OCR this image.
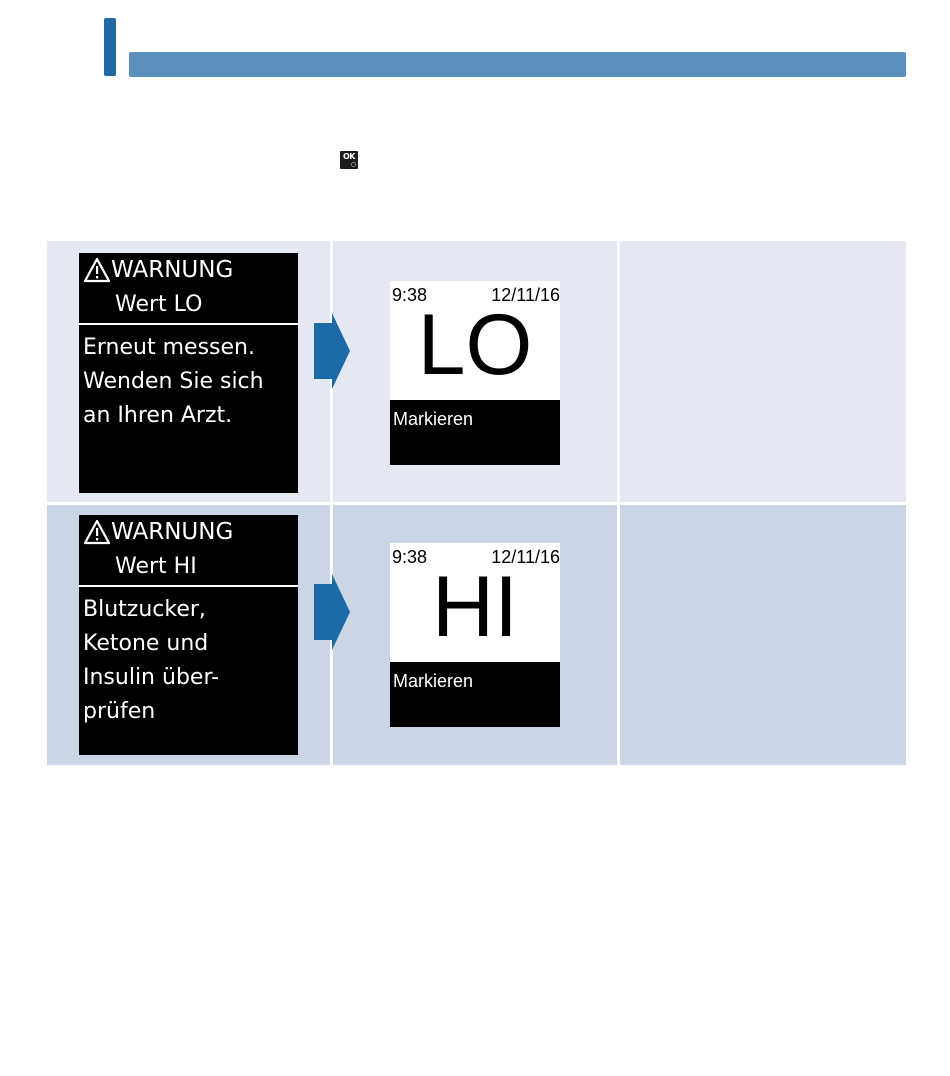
OK
○
WARNUNG
Wert LO
Erneut messen.
Wenden Sie sich
an Ihren Arzt.
WARNUNG
Wert HI
Blutzucker,
Ketone und
Insulin über-
prüfen
9:38	12/11/16
LO
Markieren
9:38	12/11/16
HI
Markieren
